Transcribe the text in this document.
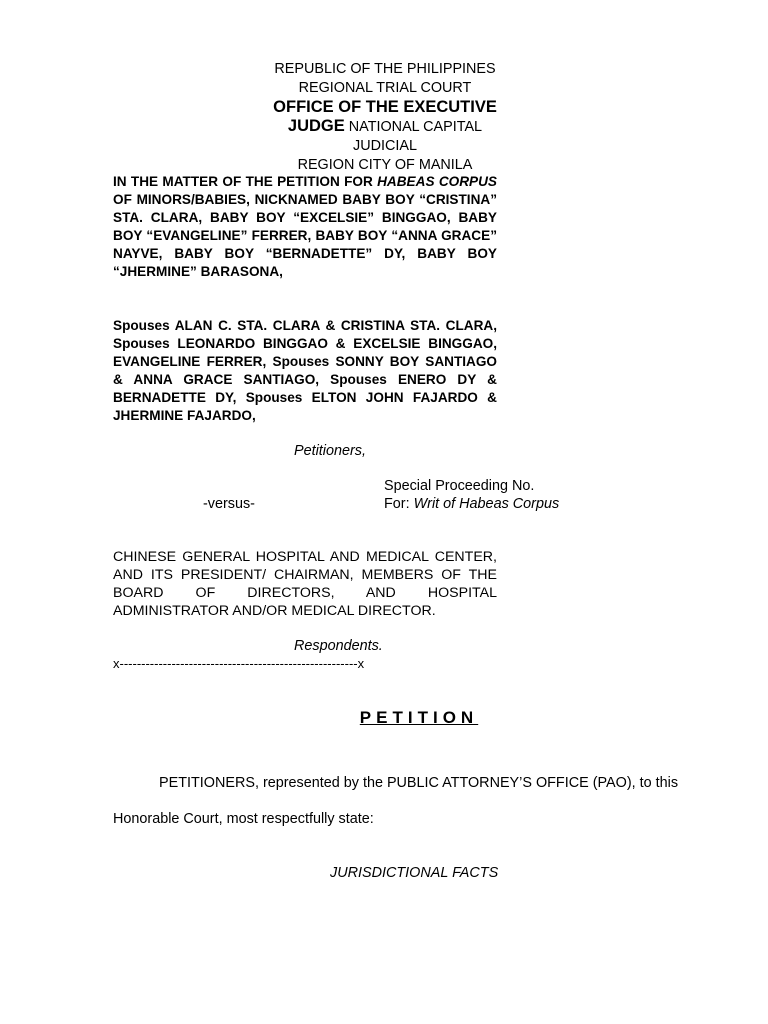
REPUBLIC OF THE PHILIPPINES
REGIONAL TRIAL COURT
OFFICE OF THE EXECUTIVE
JUDGE NATIONAL CAPITAL JUDICIAL
REGION CITY OF MANILA
IN THE MATTER OF THE PETITION FOR HABEAS CORPUS OF MINORS/BABIES, NICKNAMED BABY BOY “CRISTINA” STA. CLARA, BABY BOY “EXCELSIE” BINGGAO, BABY BOY “EVANGELINE” FERRER, BABY BOY “ANNA GRACE” NAYVE, BABY BOY “BERNADETTE” DY, BABY BOY “JHERMINE” BARASONA,
Spouses ALAN C. STA. CLARA & CRISTINA STA. CLARA, Spouses LEONARDO BINGGAO & EXCELSIE BINGGAO, EVANGELINE FERRER, Spouses SONNY BOY SANTIAGO & ANNA GRACE SANTIAGO, Spouses ENERO DY & BERNADETTE DY, Spouses ELTON JOHN FAJARDO & JHERMINE FAJARDO,
Petitioners,
Special Proceeding No.
-versus-	For: Writ of Habeas Corpus
CHINESE GENERAL HOSPITAL AND MEDICAL CENTER, AND ITS PRESIDENT/ CHAIRMAN, MEMBERS OF THE BOARD OF DIRECTORS, AND HOSPITAL ADMINISTRATOR AND/OR MEDICAL DIRECTOR.
Respondents.
x-------------------------------------------------------x
PETITION
PETITIONERS, represented by the PUBLIC ATTORNEY’S OFFICE (PAO), to this
Honorable Court, most respectfully state:
JURISDICTIONAL FACTS
